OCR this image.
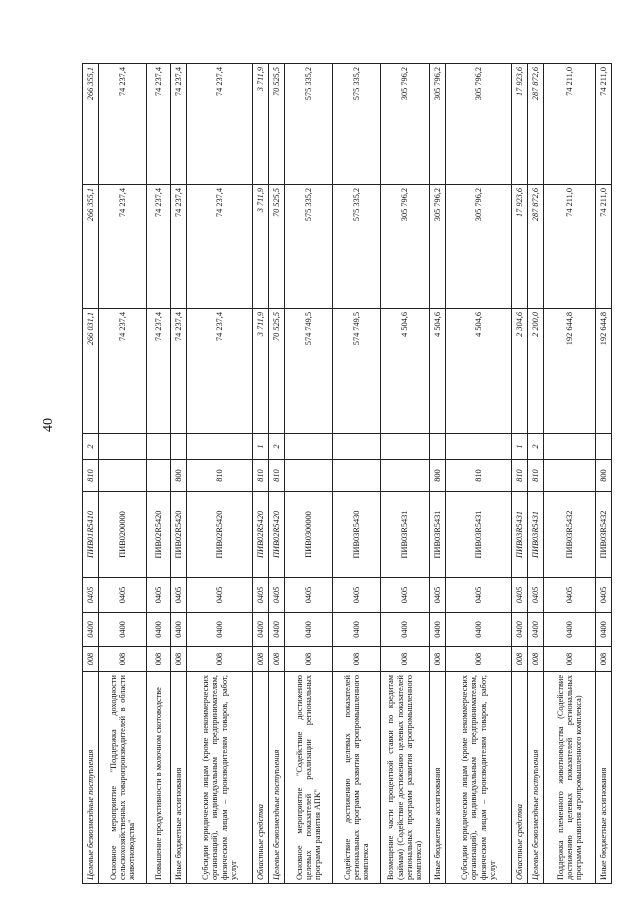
40
Целевые безвозмездные поступления	008	0400	0405	ПИВ01R5410	810	2	266 031,1	266 355,1	266 355,1
Основное мероприятие "Поддержка доходности сельскохозяйственных товаропроизводителей в области животноводства"	008	0400	0405	ПИВ0200000			74 237,4	74 237,4	74 237,4
Повышение продуктивности в молочном скотоводстве	008	0400	0405	ПИВ02R5420			74 237,4	74 237,4	74 237,4
Иные бюджетные ассигнования	008	0400	0405	ПИВ02R5420	800		74 237,4	74 237,4	74 237,4
Субсидии юридическим лицам (кроме некоммерческих организаций), индивидуальным предпринимателям, физическим лицам – производителям товаров, работ, услуг	008	0400	0405	ПИВ02R5420	810		74 237,4	74 237,4	74 237,4
Областные средства	008	0400	0405	ПИВ02R5420	810	1	3 711,9	3 711,9	3 711,9
Целевые безвозмездные поступления	008	0400	0405	ПИВ02R5420	810	2	70 525,5	70 525,5	70 525,5
Основное мероприятие "Содействие достижению целевых показателей реализации региональных программ развития АПК"	008	0400	0405	ПИВ0300000			574 749,5	575 335,2	575 335,2
Содействие достижению целевых показателей региональных программ развития агропромышленного комплекса	008	0400	0405	ПИВ03R5430			574 749,5	575 335,2	575 335,2
Возмещение части процентной ставки по кредитам (займам) (Содействие достижению целевых показателей региональных программ развития агропромышленного комплекса)	008	0400	0405	ПИВ03R5431			4 504,6	305 796,2	305 796,2
Иные бюджетные ассигнования	008	0400	0405	ПИВ03R5431	800		4 504,6	305 796,2	305 796,2
Субсидии юридическим лицам (кроме некоммерческих организаций), индивидуальным предпринимателям, физическим лицам – производителям товаров, работ, услуг	008	0400	0405	ПИВ03R5431	810		4 504,6	305 796,2	305 796,2
Областные средства	008	0400	0405	ПИВ03R5431	810	1	2 304,6	17 923,6	17 923,6
Целевые безвозмездные поступления	008	0400	0405	ПИВ03R5431	810	2	2 200,0	287 872,6	287 872,6
Поддержка племенного животноводства (Содействие достижению целевых показателей региональных программ развития агропромышленного комплекса)	008	0400	0405	ПИВ03R5432			192 644,8	74 211,0	74 211,0
Иные бюджетные ассигнования	008	0400	0405	ПИВ03R5432	800		192 644,8	74 211,0	74 211,0
